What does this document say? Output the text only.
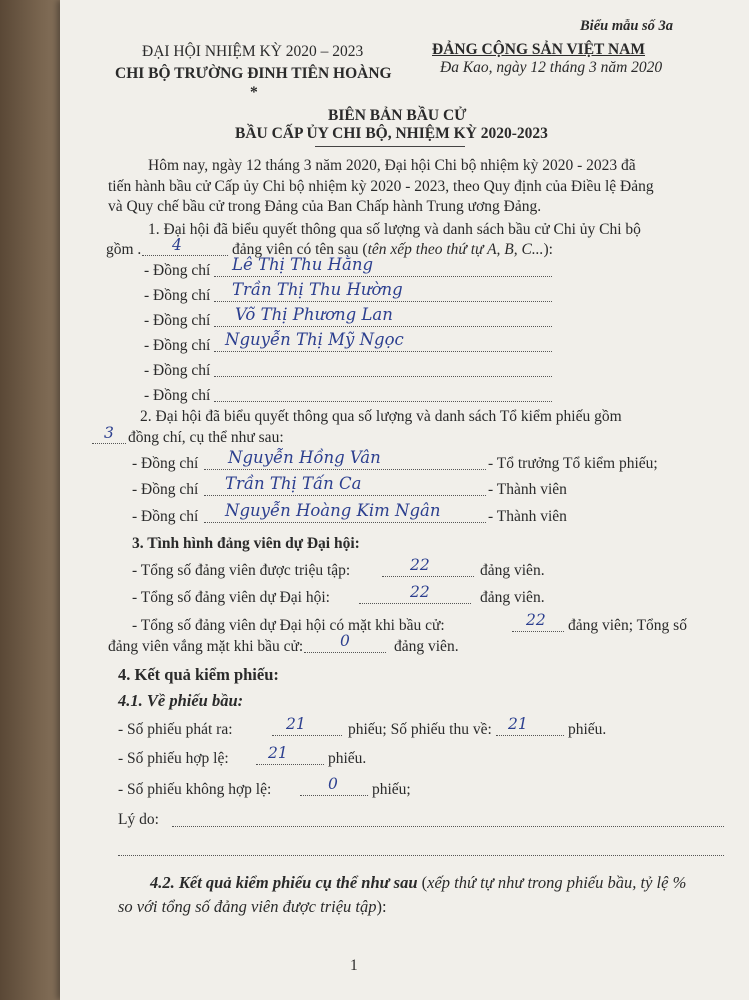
Biểu mẫu số 3a
ĐẠI HỘI NHIỆM KỲ 2020 – 2023
CHI BỘ TRƯỜNG ĐINH TIÊN HOÀNG
*
ĐẢNG CỘNG SẢN VIỆT NAM
Đa Kao, ngày 12 tháng 3 năm 2020
BIÊN BẢN BẦU CỬ
BẦU CẤP ỦY CHI BỘ, NHIỆM KỲ 2020-2023
Hôm nay, ngày 12 tháng 3 năm 2020, Đại hội Chi bộ nhiệm kỳ 2020 - 2023 đã
tiến hành bầu cử Cấp ủy Chi bộ nhiệm kỳ 2020 - 2023, theo Quy định của Điều lệ Đảng
và Quy chế bầu cử trong Đảng của Ban Chấp hành Trung ương Đảng.
1. Đại hội đã biểu quyết thông qua số lượng và danh sách bầu cử Chi ủy Chi bộ
gồm . 4	đảng viên có tên sau (tên xếp theo thứ tự A, B, C...):
- Đồng chí Lê Thị Thu Hằng
- Đồng chí Trần Thị Thu Hường
- Đồng chí Võ Thị Phương Lan
- Đồng chí Nguyễn Thị Mỹ Ngọc
- Đồng chí
- Đồng chí
2. Đại hội đã biểu quyết thông qua số lượng và danh sách Tổ kiểm phiếu gồm
3 đồng chí, cụ thể như sau:
- Đồng chí Nguyễn Hồng Vân	- Tổ trưởng Tổ kiểm phiếu;
- Đồng chí Trần Thị Tấn Ca	- Thành viên
- Đồng chí Nguyễn Hoàng Kim Ngân	- Thành viên
3. Tình hình đảng viên dự Đại hội:
- Tổng số đảng viên được triệu tập:	22	đảng viên.
- Tổng số đảng viên dự Đại hội:	22	đảng viên.
- Tổng số đảng viên dự Đại hội có mặt khi bầu cử:	22 đảng viên; Tổng số
đảng viên vắng mặt khi bầu cử: 0	đảng viên.
4. Kết quả kiểm phiếu:
4.1. Về phiếu bầu:
- Số phiếu phát ra:	21	phiếu; Số phiếu thu về: 21	phiếu.
- Số phiếu hợp lệ:	21	phiếu.
- Số phiếu không hợp lệ:	0 phiếu;
Lý do:
4.2. Kết quả kiểm phiếu cụ thể như sau (xếp thứ tự như trong phiếu bầu, tỷ lệ %
so với tổng số đảng viên được triệu tập):
1
